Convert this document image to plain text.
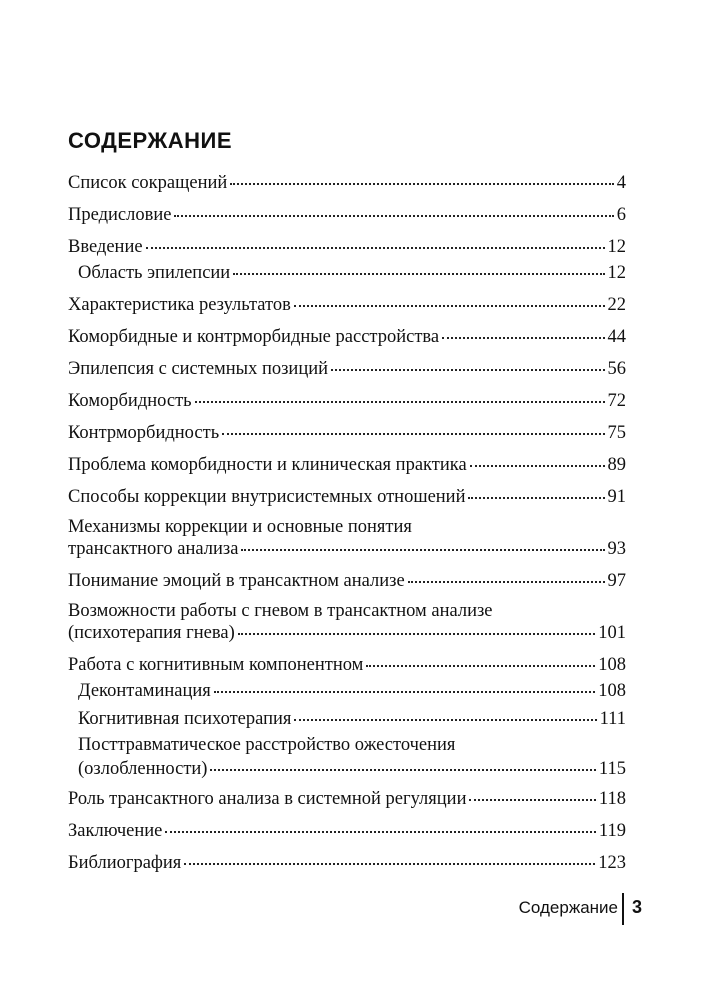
СОДЕРЖАНИЕ
Список сокращений	4
Предисловие	6
Введение	12
Область эпилепсии	12
Характеристика результатов	22
Коморбидные и контрморбидные расстройства	44
Эпилепсия с системных позиций	56
Коморбидность	72
Контрморбидность	75
Проблема коморбидности и клиническая практика	89
Способы коррекции внутрисистемных отношений	91
Механизмы коррекции и основные понятия
трансактного анализа	93
Понимание эмоций в трансактном анализе	97
Возможности работы с гневом в трансактном анализе
(психотерапия гнева)	101
Работа с когнитивным компонентном	108
Деконтаминация	108
Когнитивная психотерапия	111
Посттравматическое расстройство ожесточения
(озлобленности)	115
Роль трансактного анализа в системной регуляции	118
Заключение	119
Библиография	123
Содержание 3
